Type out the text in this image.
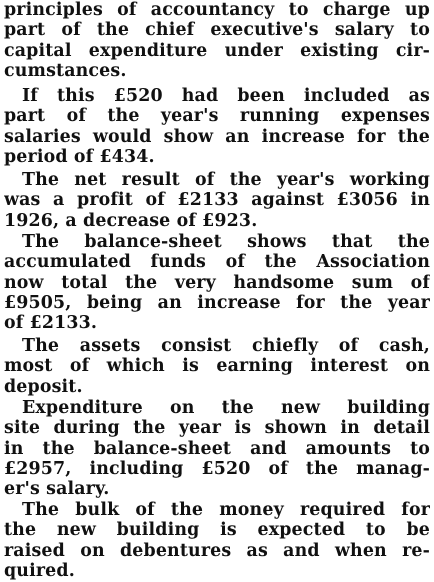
principles of accountancy to charge up
part of the chief executive's salary to
capital expenditure under existing cir-
cumstances.
If this £520 had been included as
part of the year's running expenses
salaries would show an increase for the
period of £434.
The net result of the year's working
was a profit of £2133 against £3056 in
1926, a decrease of £923.
The balance-sheet shows that the
accumulated funds of the Association
now total the very handsome sum of
£9505, being an increase for the year
of £2133.
The assets consist chiefly of cash,
most of which is earning interest on
deposit.
Expenditure on the new building
site during the year is shown in detail
in the balance-sheet and amounts to
£2957, including £520 of the manag-
er's salary.
The bulk of the money required for
the new building is expected to be
raised on debentures as and when re-
quired.
